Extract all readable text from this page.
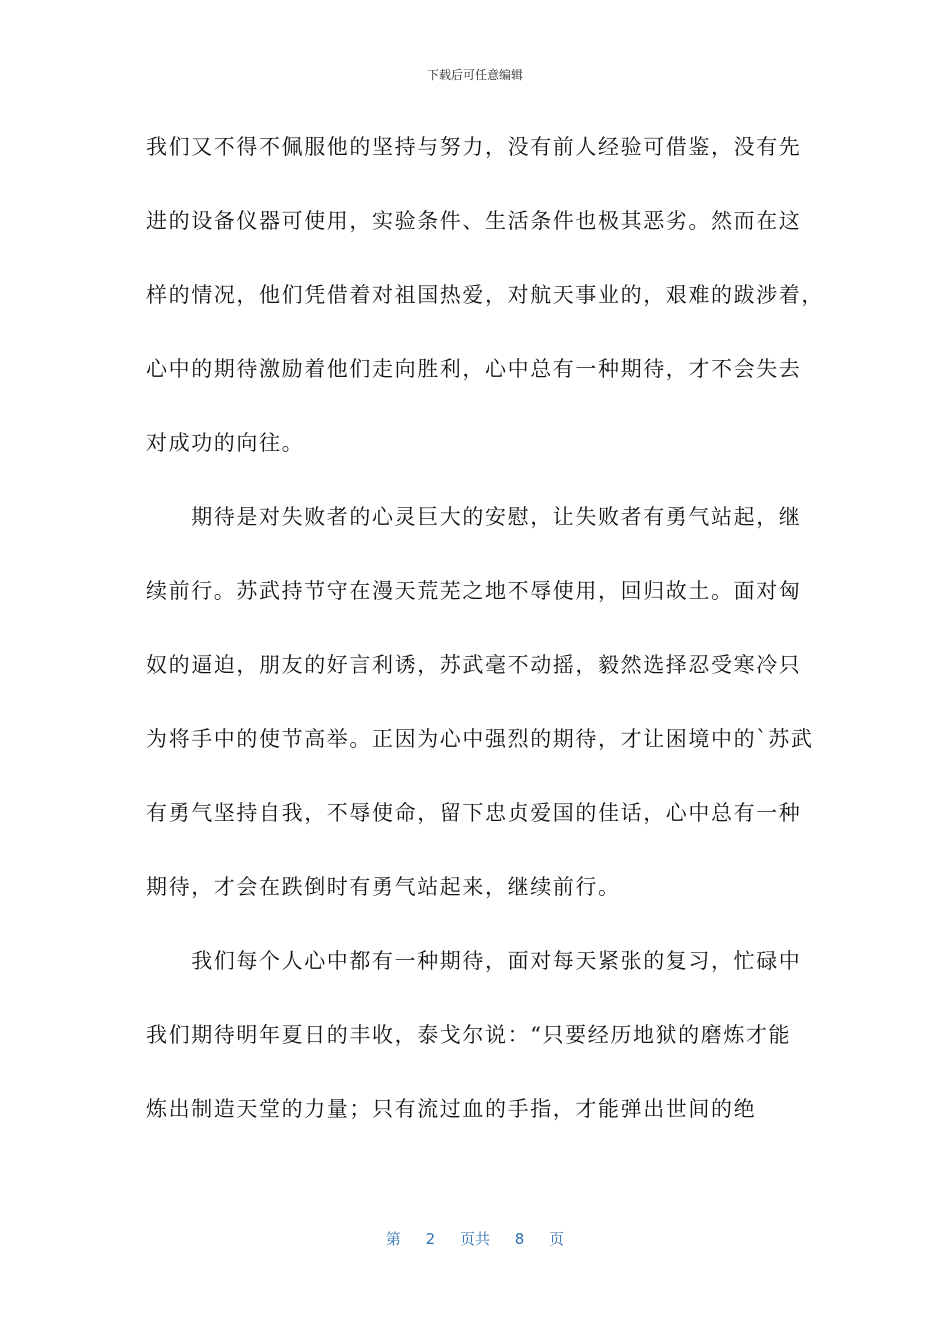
下载后可任意编辑
我们又不得不佩服他的坚持与努力，没有前人经验可借鉴，没有先
进的设备仪器可使用，实验条件、生活条件也极其恶劣。然而在这
样的情况，他们凭借着对祖国热爱，对航天事业的，艰难的跋涉着，
心中的期待激励着他们走向胜利，心中总有一种期待，才不会失去
对成功的向往。
　　期待是对失败者的心灵巨大的安慰，让失败者有勇气站起，继
续前行。苏武持节守在漫天荒芜之地不辱使用，回归故土。面对匈
奴的逼迫，朋友的好言利诱，苏武毫不动摇，毅然选择忍受寒冷只
为将手中的使节高举。正因为心中强烈的期待，才让困境中的`苏武
有勇气坚持自我，不辱使命，留下忠贞爱国的佳话，心中总有一种
期待，才会在跌倒时有勇气站起来，继续前行。
　　我们每个人心中都有一种期待，面对每天紧张的复习，忙碌中
我们期待明年夏日的丰收，泰戈尔说：“只要经历地狱的磨炼才能
炼出制造天堂的力量；只有流过血的手指，才能弹出世间的绝
第 2 页共 8 页
